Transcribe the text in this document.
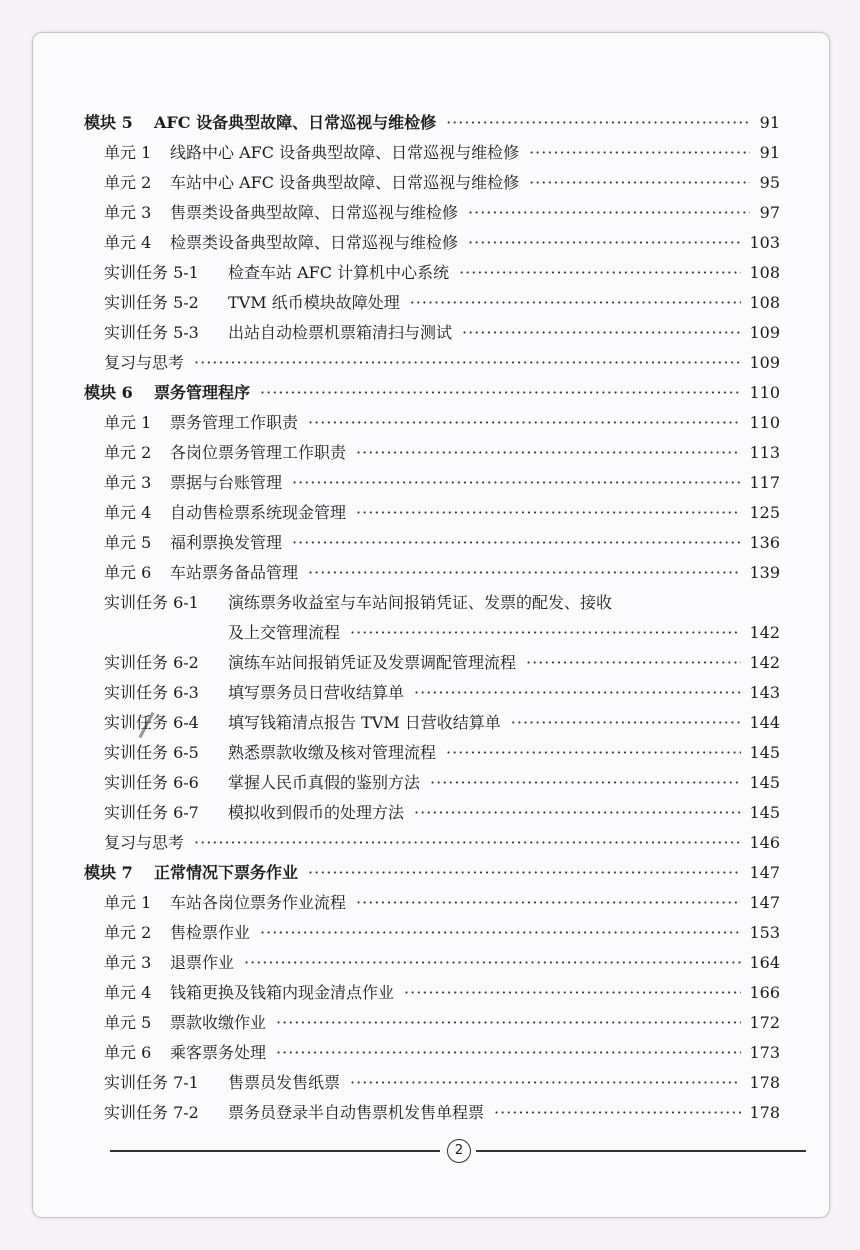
模块 5	AFC 设备典型故障、日常巡视与维检修 ·····	91
单元 1	线路中心 AFC 设备典型故障、日常巡视与维检修 ·····	91
单元 2	车站中心 AFC 设备典型故障、日常巡视与维检修 ·····	95
单元 3	售票类设备典型故障、日常巡视与维检修 ·····	97
单元 4	检票类设备典型故障、日常巡视与维检修 ·····	103
实训任务 5-1	检查车站 AFC 计算机中心系统 ·····	108
实训任务 5-2	TVM 纸币模块故障处理 ·····	108
实训任务 5-3	出站自动检票机票箱清扫与测试 ·····	109
复习与思考 ·····	109
模块 6	票务管理程序 ·····	110
单元 1	票务管理工作职责 ·····	110
单元 2	各岗位票务管理工作职责 ·····	113
单元 3	票据与台账管理 ·····	117
单元 4	自动售检票系统现金管理 ·····	125
单元 5	福利票换发管理 ·····	136
单元 6	车站票务备品管理 ·····	139
实训任务 6-1	演练票务收益室与车站间报销凭证、发票的配发、接收
及上交管理流程 ·····	142
实训任务 6-2	演练车站间报销凭证及发票调配管理流程 ·····	142
实训任务 6-3	填写票务员日营收结算单 ·····	143
实训任务 6-4	填写钱箱清点报告 TVM 日营收结算单 ·····	144
实训任务 6-5	熟悉票款收缴及核对管理流程 ·····	145
实训任务 6-6	掌握人民币真假的鉴别方法 ·····	145
实训任务 6-7	模拟收到假币的处理方法 ·····	145
复习与思考 ·····	146
模块 7	正常情况下票务作业 ·····	147
单元 1	车站各岗位票务作业流程 ·····	147
单元 2	售检票作业 ·····	153
单元 3	退票作业 ·····	164
单元 4	钱箱更换及钱箱内现金清点作业 ·····	166
单元 5	票款收缴作业 ·····	172
单元 6	乘客票务处理 ·····	173
实训任务 7-1	售票员发售纸票 ·····	178
实训任务 7-2	票务员登录半自动售票机发售单程票 ·····	178
2
